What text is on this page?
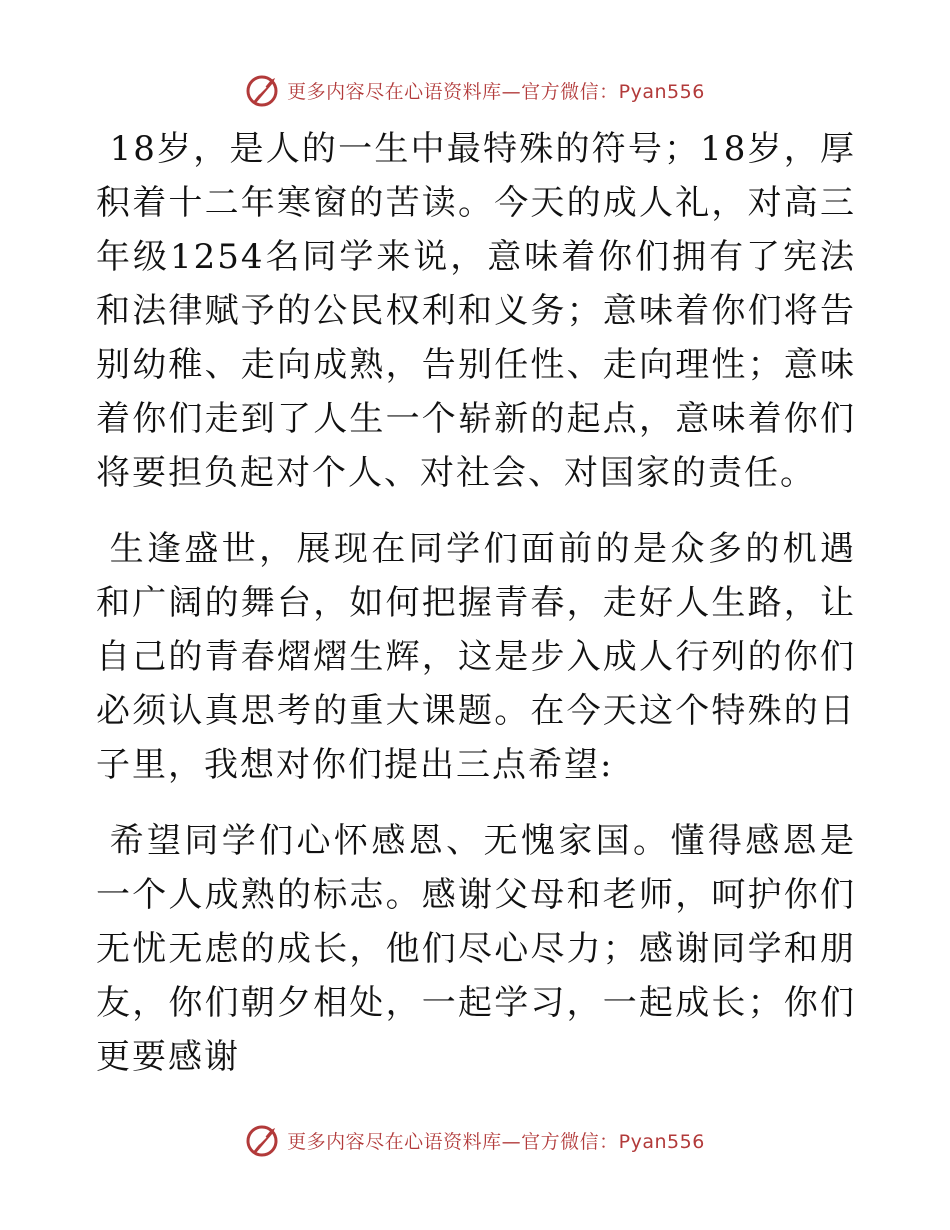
更多内容尽在心语资料库—官方微信：Pyan556

18岁，是人的一生中最特殊的符号；18岁，厚积着十二年寒窗的苦读。今天的成人礼，对高三年级1254名同学来说，意味着你们拥有了宪法和法律赋予的公民权利和义务；意味着你们将告别幼稚、走向成熟，告别任性、走向理性；意味着你们走到了人生一个崭新的起点，意味着你们将要担负起对个人、对社会、对国家的责任。

生逢盛世，展现在同学们面前的是众多的机遇和广阔的舞台，如何把握青春，走好人生路，让自己的青春熠熠生辉，这是步入成人行列的你们必须认真思考的重大课题。在今天这个特殊的日子里，我想对你们提出三点希望:

希望同学们心怀感恩、无愧家国。懂得感恩是一个人成熟的标志。感谢父母和老师，呵护你们无忧无虑的成长，他们尽心尽力；感谢同学和朋友，你们朝夕相处，一起学习，一起成长；你们更要感谢

更多内容尽在心语资料库—官方微信：Pyan556
